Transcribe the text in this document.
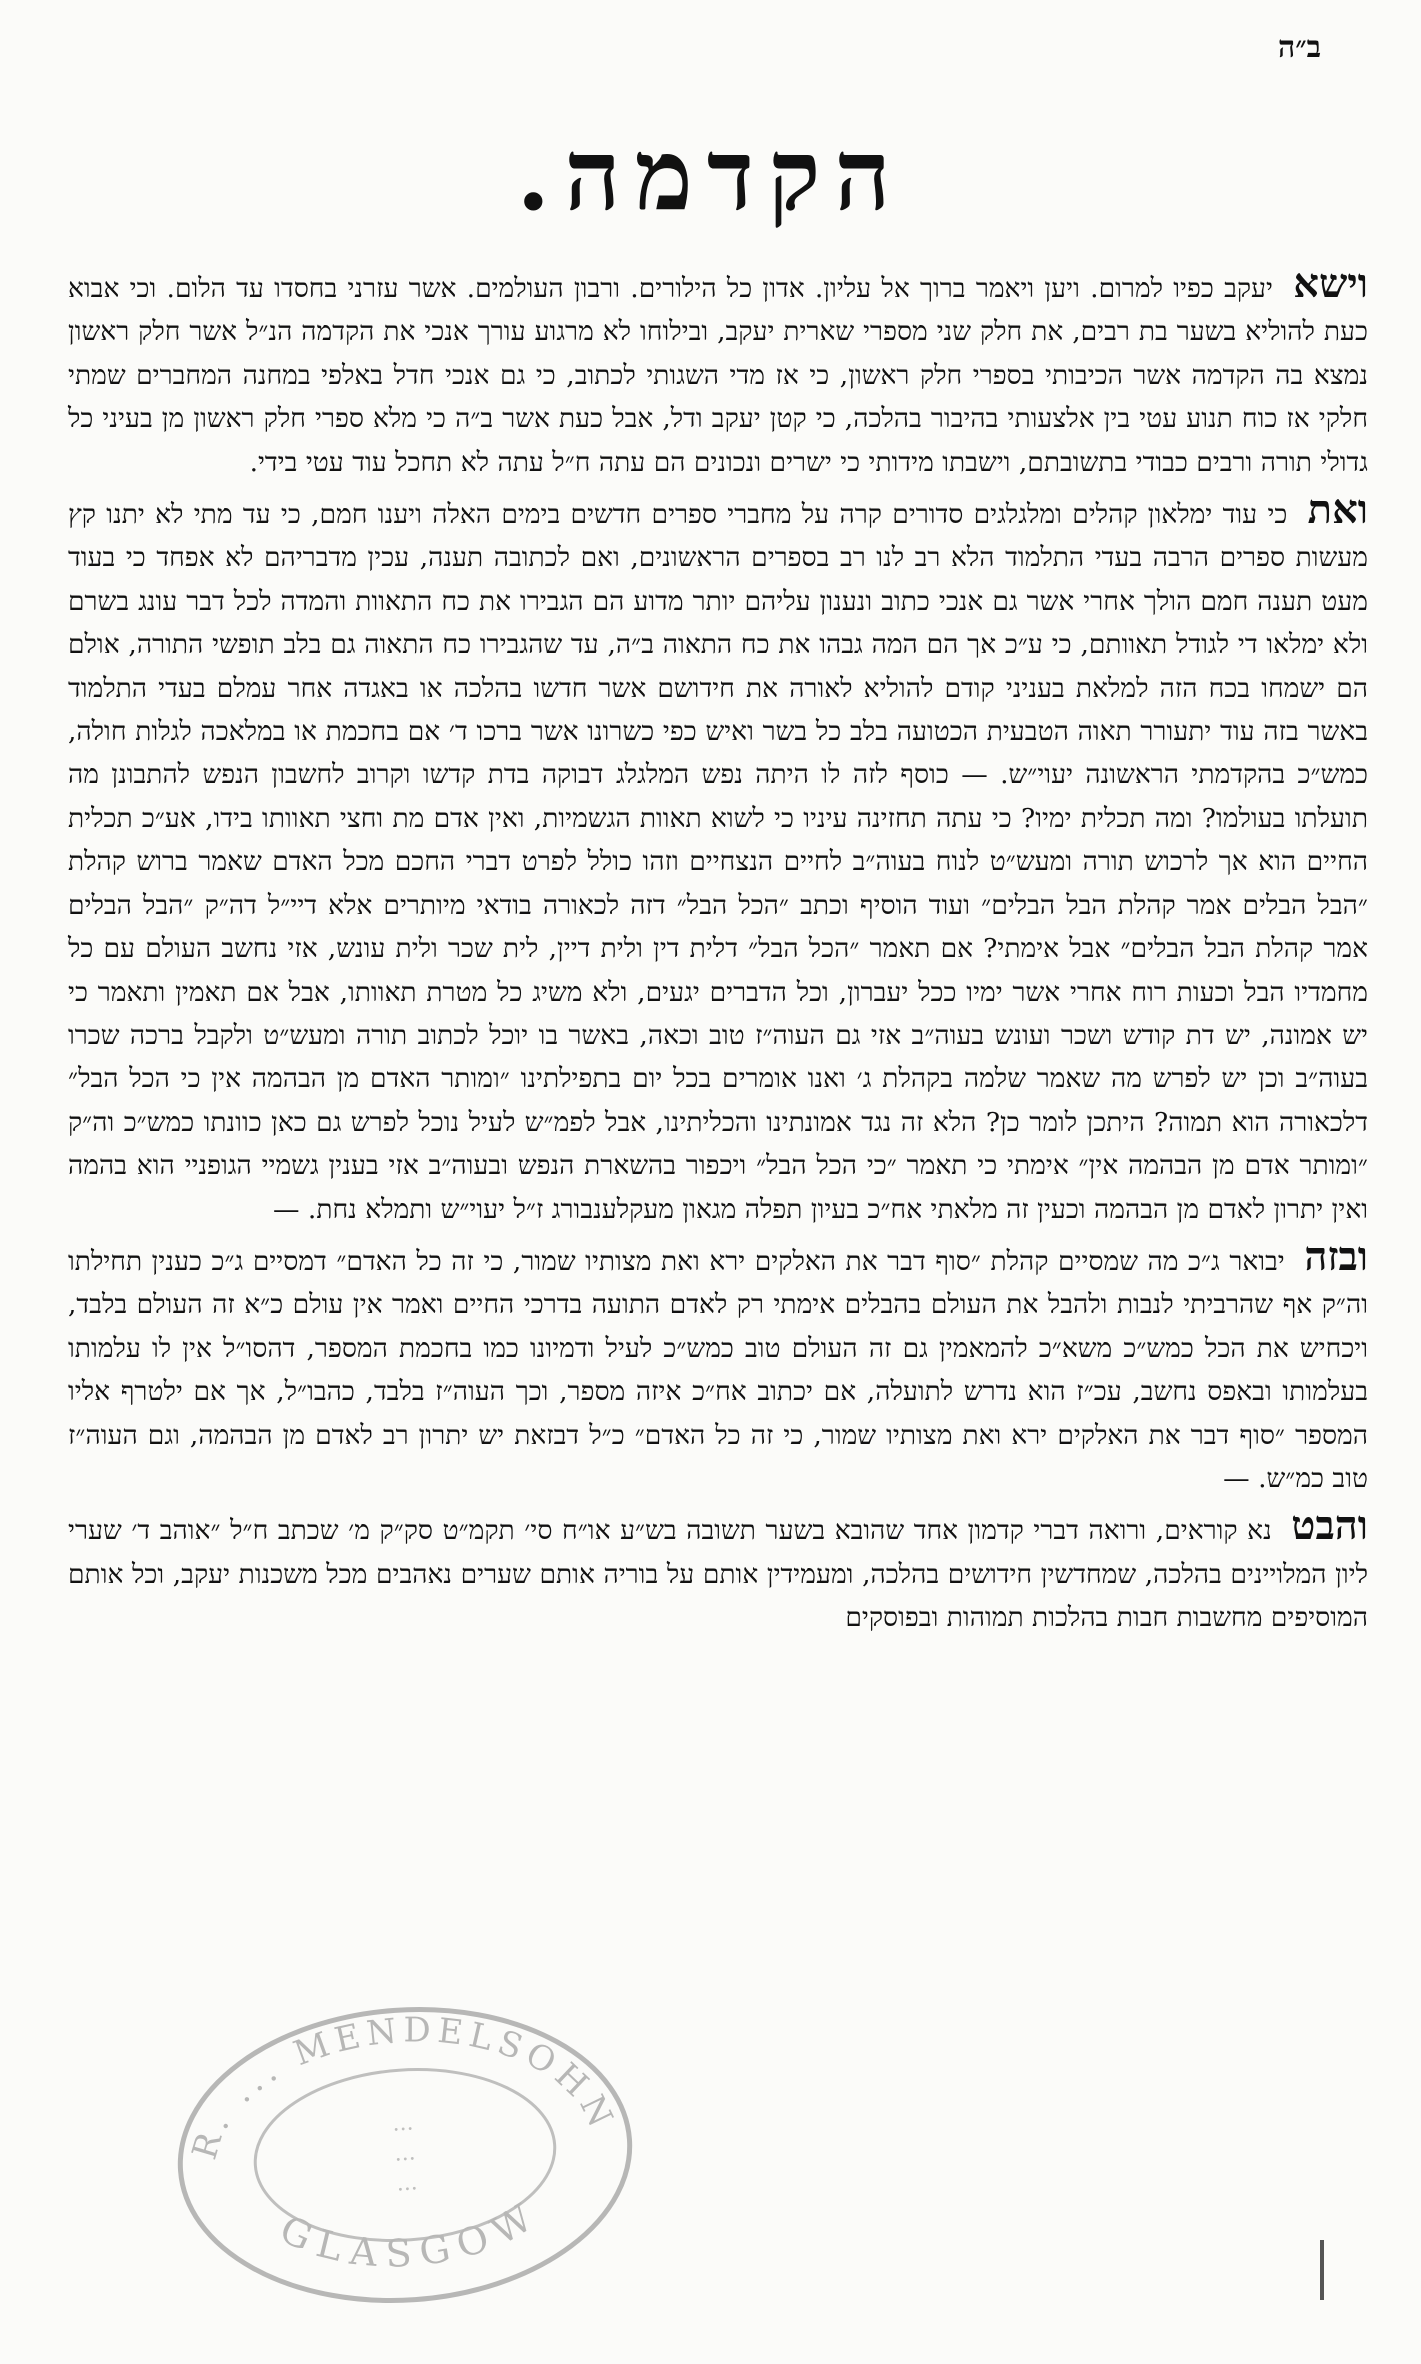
ב״ה
הקדמה.

וישא יעקב כפיו למרום. ויען ויאמר ברוך אל עליון. אדון כל הילורים. ורבון העולמים. אשר עזרני בחסדו עד הלום. וכי אבוא כעת להוליא בשער בת רבים, את חלק שני מספרי שארית יעקב, ובילוחו לא מרגוע עורך אנכי את הקדמה הנ״ל אשר חלק ראשון נמצא בה הקדמה אשר הכיבותי בספרי חלק ראשון, כי אז מדי השגותי לכתוב, כי גם אנכי חדל באלפי במחנה המחברים שמתי חלקי אז כוח תנוע עטי בין אלצעותי בהיבור בהלכה, כי קטן יעקב ודל, אבל כעת אשר ב״ה כי מלא ספרי חלק ראשון מן בעיני כל גדולי תורה ורבים כבודי בתשובתם, וישבתו מידותי כי ישרים ונכונים הם עתה ח״ל עתה לא תחכל עוד עטי בידי.

ואת כי עוד ימלאון קהלים ומלגלגים סדורים קרה על מחברי ספרים חדשים בימים האלה ויענו חמם, כי עד מתי לא יתנו קץ מעשות ספרים הרבה בעדי התלמוד הלא רב לנו רב בספרים הראשונים, ואם לכתובה תענה, עכין מדבריהם לא אפחד כי בעוד מעט תענה חמם הולך אחרי אשר גם אנכי כתוב ונענון עליהם יותר מדוע הם הגבירו את כח התאוות והמדה לכל דבר עונג בשרם ולא ימלאו די לגודל תאוותם, כי ע״כ אך הם המה גבהו את כח התאוה ב״ה, עד שהגבירו כח התאוה גם בלב תופשי התורה, אולם הם ישמחו בכח הזה למלאת בעניני קודם להוליא לאורה את חידושם אשר חדשו בהלכה או באגדה אחר עמלם בעדי התלמוד באשר בזה עוד יתעורר תאוה הטבעית הכטועה בלב כל בשר ואיש כפי כשרונו אשר ברכו ד׳ אם בחכמת או במלאכה לגלות חולה, כמש״כ בהקדמתי הראשונה יעוי״ש. — כוסף לזה לו היתה נפש המלגלג דבוקה בדת קדשו וקרוב לחשבון הנפש להתבונן מה תועלתו בעולמו? ומה תכלית ימיו? כי עתה תחזינה עיניו כי לשוא תאוות הגשמיות, ואין אדם מת וחצי תאוותו בידו, אע״כ תכלית החיים הוא אך לרכוש תורה ומעש״ט לנוח בעוה״ב לחיים הנצחיים וזהו כולל לפרט דברי החכם מכל האדם שאמר ברוש קהלת ״הבל הבלים אמר קהלת הבל הבלים״ ועוד הוסיף וכתב ״הכל הבל״ דזה לכאורה בודאי מיותרים אלא דיי״ל דה״ק ״הבל הבלים אמר קהלת הבל הבלים״ אבל אימתי? אם תאמר ״הכל הבל״ דלית דין ולית דיין, לית שכר ולית עונש, אזי נחשב העולם עם כל מחמדיו הבל וכעות רוח אחרי אשר ימיו ככל יעברון, וכל הדברים יגעים, ולא משיג כל מטרת תאוותו, אבל אם תאמין ותאמר כי יש אמונה, יש דת קודש ושכר ועונש בעוה״ב אזי גם העוה״ז טוב וכאה, באשר בו יוכל לכתוב תורה ומעש״ט ולקבל ברכה שכרו בעוה״ב וכן יש לפרש מה שאמר שלמה בקהלת ג׳ ואנו אומרים בכל יום בתפילתינו ״ומותר האדם מן הבהמה אין כי הכל הבל״ דלכאורה הוא תמוה? היתכן לומר כן? הלא זה נגד אמונתינו והכליתינו, אבל לפמ״ש לעיל נוכל לפרש גם כאן כוונתו כמש״כ וה״ק ״ומותר אדם מן הבהמה אין״ אימתי כי תאמר ״כי הכל הבל״ ויכפור בהשארת הנפש ובעוה״ב אזי בענין גשמיי הגופניי הוא בהמה ואין יתרון לאדם מן הבהמה וכעין זה מלאתי אח״כ בעיון תפלה מגאון מעקלענבורג ז״ל יעוי״ש ותמלא נחת. —

ובזה יבואר ג״כ מה שמסיים קהלת ״סוף דבר את האלקים ירא ואת מצותיו שמור, כי זה כל האדם״ דמסיים ג״כ כענין תחילתו וה״ק אף שהרביתי לנבות ולהבל את העולם בהבלים אימתי רק לאדם התועה בדרכי החיים ואמר אין עולם כ״א זה העולם בלבד, ויכחיש את הכל כמש״כ משא״כ להמאמין גם זה העולם טוב כמש״כ לעיל ודמיונו כמו בחכמת המספר, דהסו״ל אין לו עלמותו בעלמותו ובאפס נחשב, עכ״ז הוא נדרש לתועלה, אם יכתוב אח״כ איזה מספר, וכך העוה״ז בלבד, כהבו״ל, אך אם ילטרף אליו המספר ״סוף דבר את האלקים ירא ואת מצותיו שמור, כי זה כל האדם״ כ״ל דבזאת יש יתרון רב לאדם מן הבהמה, וגם העוה״ז טוב כמ״ש. —

והבט נא קוראים, ורואה דברי קדמון אחד שהובא בשער תשובה בש״ע או״ח סי׳ תקמ״ט סק״ק מ׳ שכתב ח״ל ״אוהב ד׳ שערי ליון המלויינים בהלכה, שמחדשין חידושים בהלכה, ומעמידין אותם על בוריה אותם שערים נאהבים מכל משכנות יעקב, וכל אותם המוסיפים מחשבות חבות בהלכות תמוהות ובפוסקים

R. ... MENDELSOHN
GLASGOW
...
...
...
